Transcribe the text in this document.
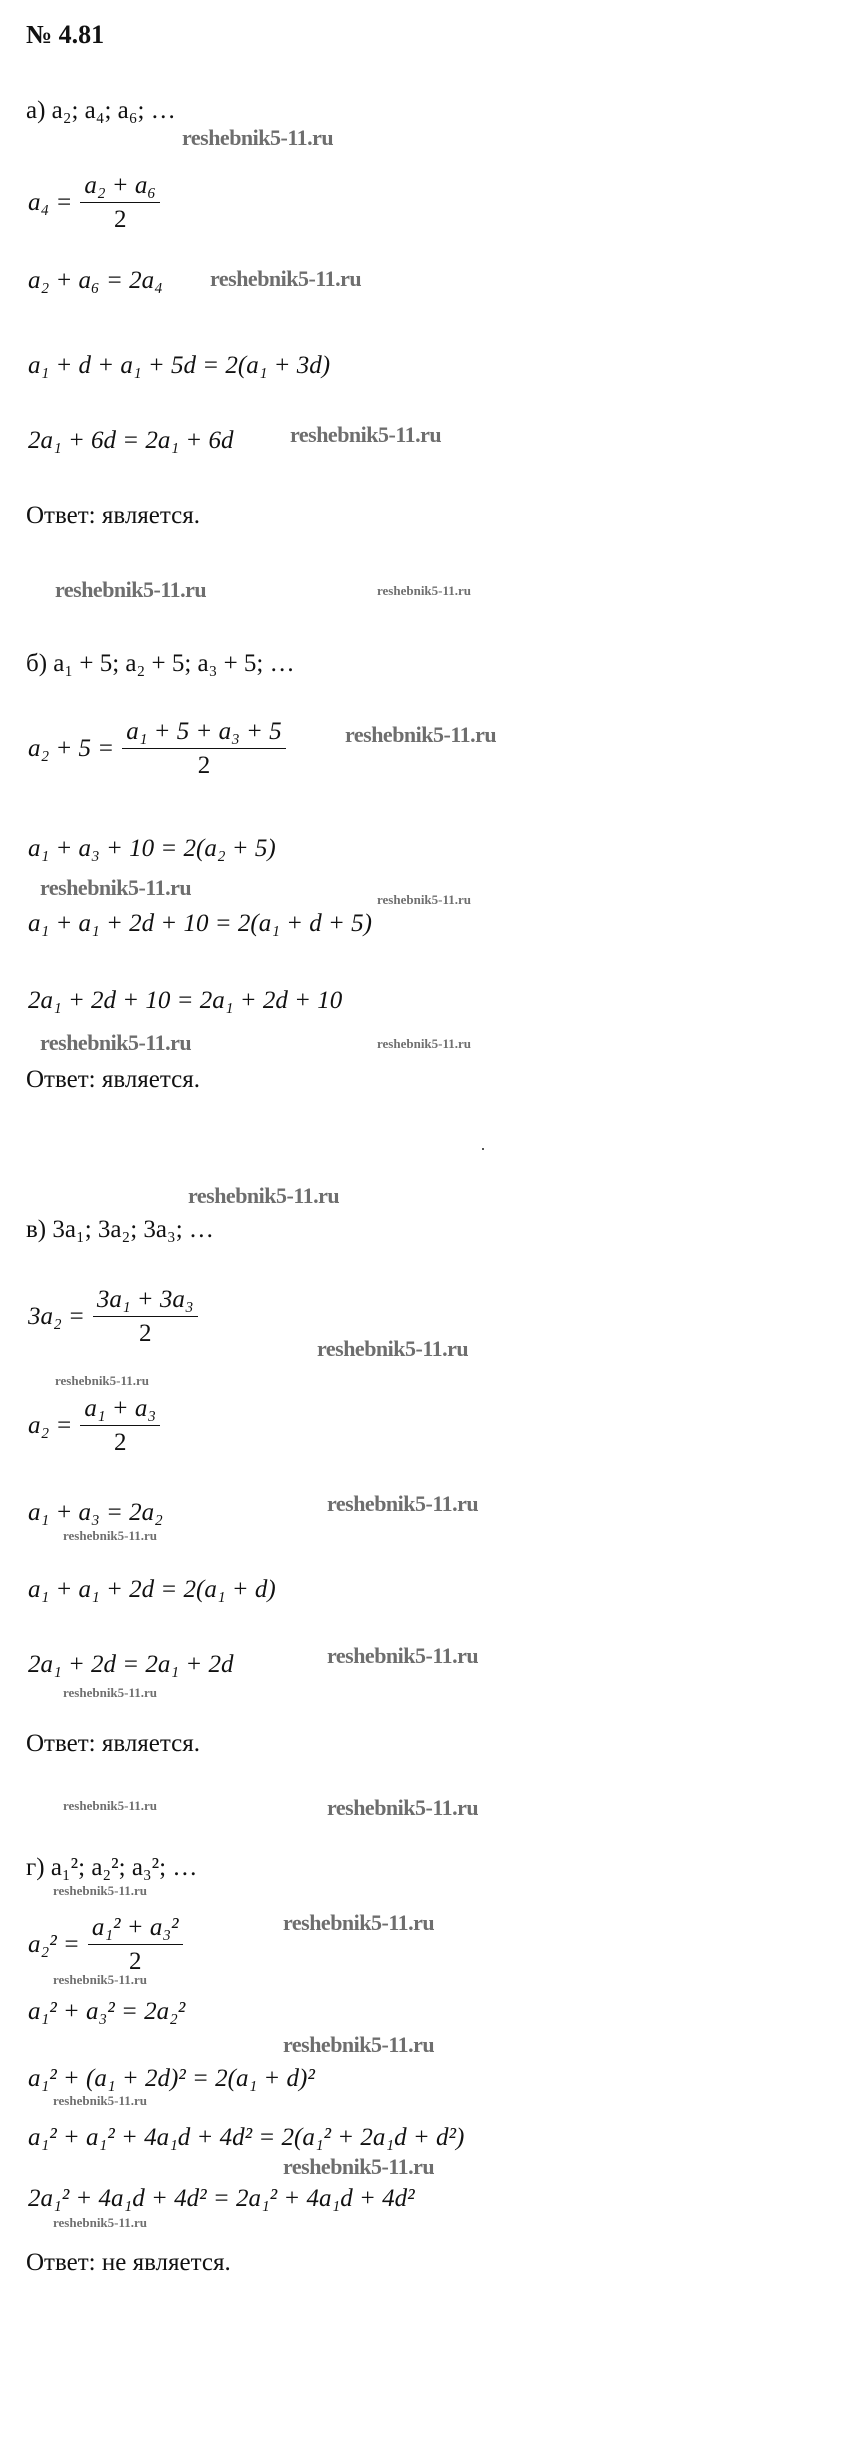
№ 4.81
а) a₂; a₄; a₆; …
reshebnik5-11.ru
$a_4 = \frac{\text{a₂ + a₆}}{2}$
a₂ + a₆ = 2a₄ reshebnik5-11.ru
a₁ + d + a₁ + 5d = 2(a₁ + 3d)
2a₁ + 6d = 2a₁ + 6d	reshebnik5-11.ru
Ответ: является.
reshebnik5-11.ru	reshebnik5-11.ru
б) a₁ + 5; a₂ + 5; a₃ + 5; …
$a_2 + 5 = \frac{\text{a₁ + 5 + a₃ + 5}}{2}$	reshebnik5-11.ru
a₁ + a₃ + 10 = 2(a₂ + 5)
reshebnik5-11.ru	reshebnik5-11.ru
a₁ + a₁ + 2d + 10 = 2(a₁ + d + 5)
2a₁ + 2d + 10 = 2a₁ + 2d + 10
reshebnik5-11.ru	reshebnik5-11.ru
Ответ: является.
reshebnik5-11.ru
в) 3a₁; 3a₂; 3a₃; …
$3a_2 = \frac{\text{3a₁ + 3a₃}}{2}$
reshebnik5-11.ru
reshebnik5-11.ru
$a_2 = \frac{\text{a₁ + a₃}}{2}$
reshebnik5-11.ru
a₁ + a₃ = 2a₂
reshebnik5-11.ru
a₁ + a₁ + 2d = 2(a₁ + d)
reshebnik5-11.ru
2a₁ + 2d = 2a₁ + 2d
reshebnik5-11.ru
Ответ: является.
reshebnik5-11.ru	reshebnik5-11.ru
г) a₁²; a₂²; a₃²; …
reshebnik5-11.ru
reshebnik5-11.ru
$a_2^2 = \frac{\text{a₁² + a₃²}}{2}$
reshebnik5-11.ru
a₁² + a₃² = 2a₂²
reshebnik5-11.ru
a₁² + (a₁ + 2d)² = 2(a₁ + d)²
reshebnik5-11.ru
a₁² + a₁² + 4a₁d + 4d² = 2(a₁² + 2a₁d + d²)
reshebnik5-11.ru
2a₁² + 4a₁d + 4d² = 2a₁² + 4a₁d + 4d²
reshebnik5-11.ru
Ответ: не является.
